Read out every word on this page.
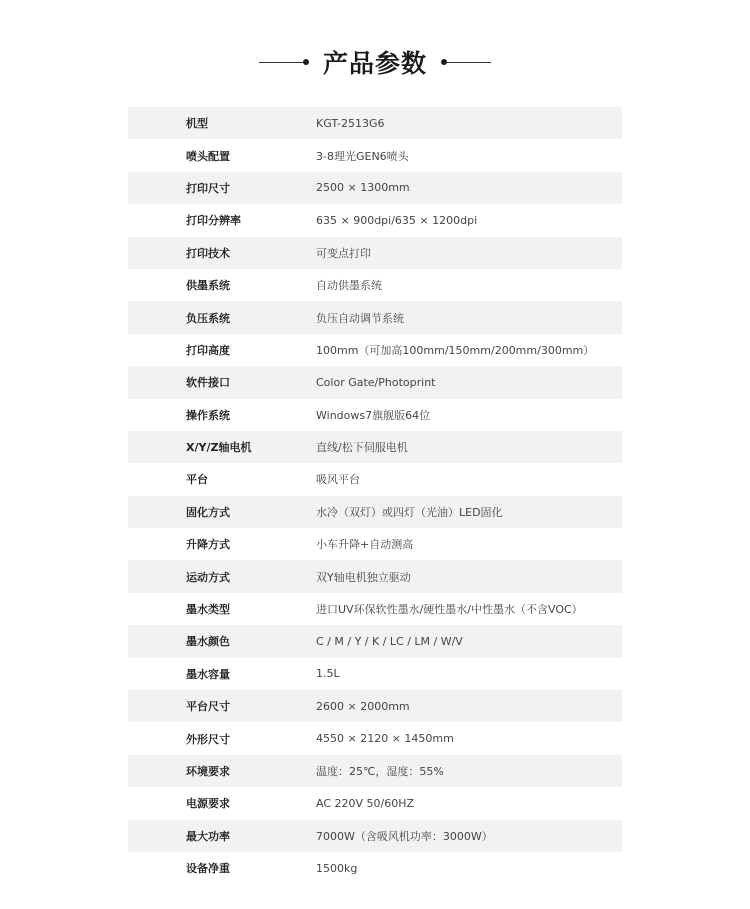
产品参数
机型	KGT-2513G6
喷头配置	3-8理光GEN6喷头
打印尺寸	2500 × 1300mm
打印分辨率	635 × 900dpi/635 × 1200dpi
打印技术	可变点打印
供墨系统	自动供墨系统
负压系统	负压自动调节系统
打印高度	100mm（可加高100mm/150mm/200mm/300mm）
软件接口	Color Gate/Photoprint
操作系统	Windows7旗舰版64位
X/Y/Z轴电机	直线/松下伺服电机
平台	吸风平台
固化方式	水冷（双灯）或四灯（光油）LED固化
升降方式	小车升降+自动测高
运动方式	双Y轴电机独立驱动
墨水类型	进口UV环保软性墨水/硬性墨水/中性墨水（不含VOC）
墨水颜色	C / M / Y / K / LC / LM / W/V
墨水容量	1.5L
平台尺寸	2600 × 2000mm
外形尺寸	4550 × 2120 × 1450mm
环境要求	温度：25℃，湿度：55%
电源要求	AC 220V 50/60HZ
最大功率	7000W（含吸风机功率：3000W）
设备净重	1500kg
